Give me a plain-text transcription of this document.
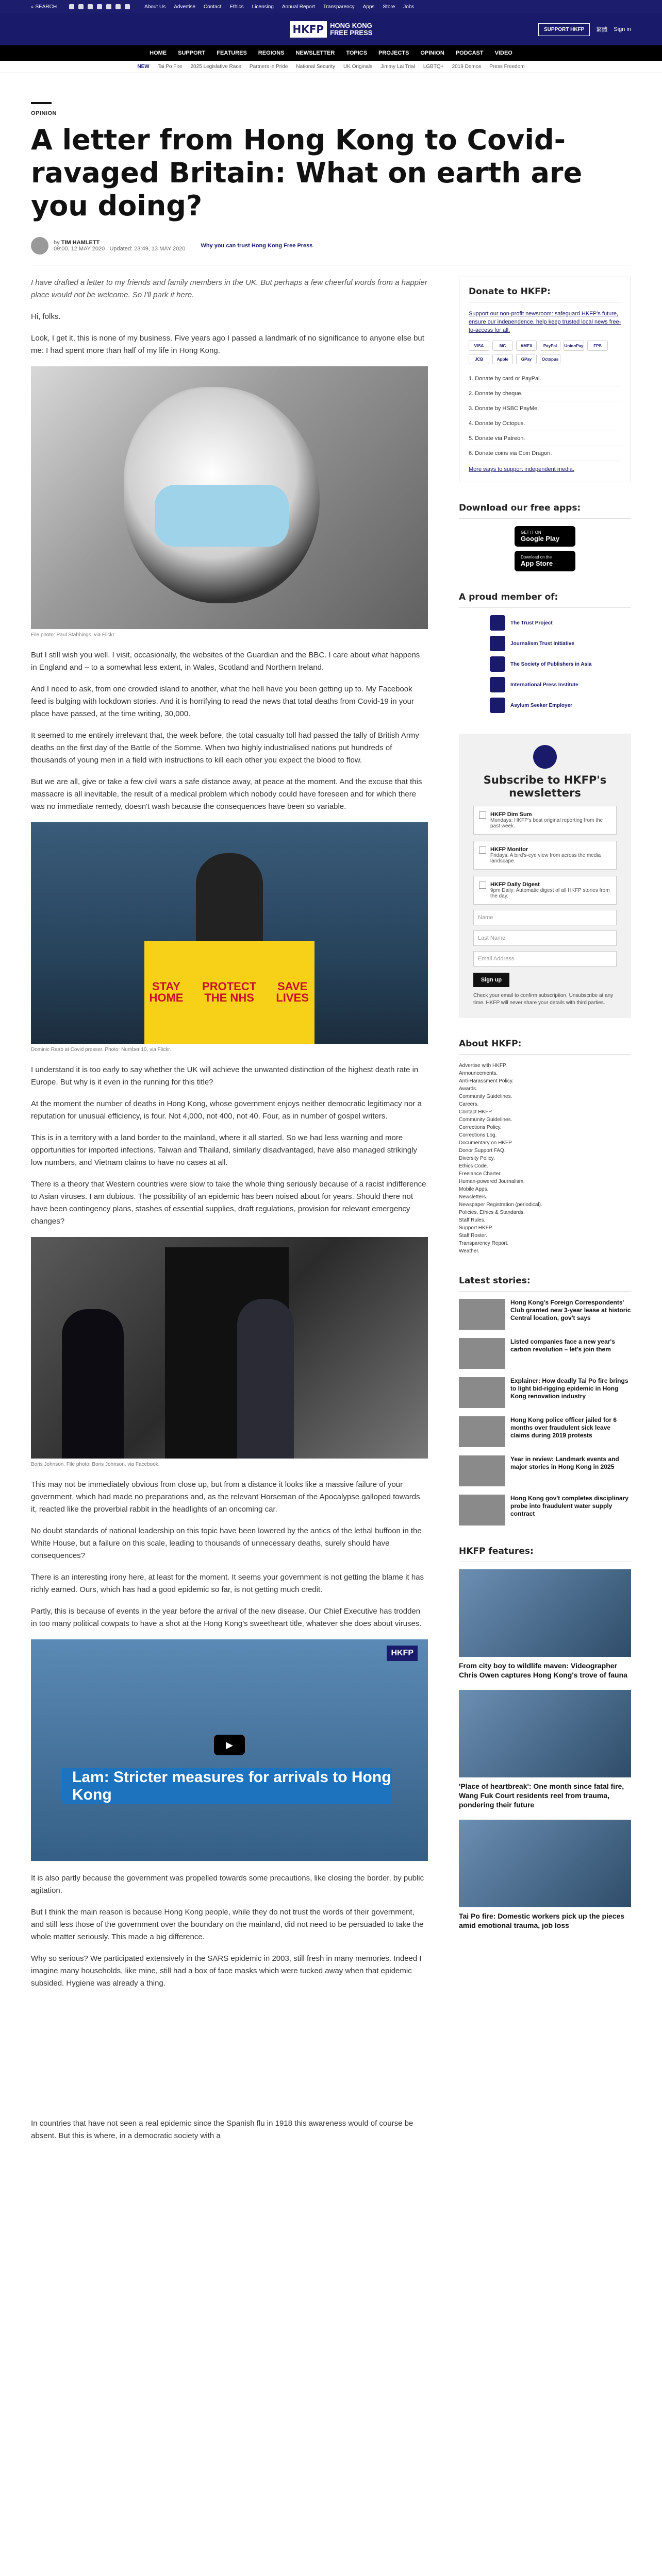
⌕ SEARCH	About Us Advertise Contact Ethics Licensing Annual Report Transparency Apps Store Jobs
HKFP HONG KONG
FREE PRESS	SUPPORT HKFP	繁體 Sign in
HOME SUPPORT FEATURES REGIONS NEWSLETTER TOPICS PROJECTS OPINION PODCAST VIDEO
NEW Tai Po Fire 2025 Legislative Race Partners in Pride National Security UK Originals Jimmy Lai Trial LGBTQ+ 2019 Demos Press Freedom
OPINION
A letter from Hong Kong to Covid-ravaged Britain: What on earth are you doing?
by TIM HAMLETT
09:00, 12 MAY 2020 Updated: 23:49, 13 MAY 2020	Why you can trust Hong Kong Free Press

I have drafted a letter to my friends and family members in the UK. But perhaps a few cheerful words from a happier place would not be welcome. So I'll park it here.

Hi, folks.

Look, I get it, this is none of my business. Five years ago I passed a landmark of no significance to anyone else but me: I had spent more than half of my life in Hong Kong.

File photo: Paul Stabbings, via Flickr.

But I still wish you well. I visit, occasionally, the websites of the Guardian and the BBC. I care about what happens in England and – to a somewhat less extent, in Wales, Scotland and Northern Ireland.

And I need to ask, from one crowded island to another, what the hell have you been getting up to. My Facebook feed is bulging with lockdown stories. And it is horrifying to read the news that total deaths from Covid-19 in your place have passed, at the time writing, 30,000.

It seemed to me entirely irrelevant that, the week before, the total casualty toll had passed the tally of British Army deaths on the first day of the Battle of the Somme. When two highly industrialised nations put hundreds of thousands of young men in a field with instructions to kill each other you expect the blood to flow.

But we are all, give or take a few civil wars a safe distance away, at peace at the moment. And the excuse that this massacre is all inevitable, the result of a medical problem which nobody could have foreseen and for which there was no immediate remedy, doesn't wash because the consequences have been so variable.

STAY HOME
PROTECT THE NHS
SAVE LIVES
Dominic Raab at Covid presser. Photo: Number 10, via Flickr.

I understand it is too early to say whether the UK will achieve the unwanted distinction of the highest death rate in Europe. But why is it even in the running for this title?

At the moment the number of deaths in Hong Kong, whose government enjoys neither democratic legitimacy nor a reputation for unusual efficiency, is four. Not 4,000, not 400, not 40. Four, as in number of gospel writers.

This is in a territory with a land border to the mainland, where it all started. So we had less warning and more opportunities for imported infections. Taiwan and Thailand, similarly disadvantaged, have also managed strikingly low numbers, and Vietnam claims to have no cases at all.

There is a theory that Western countries were slow to take the whole thing seriously because of a racist indifference to Asian viruses. I am dubious. The possibility of an epidemic has been noised about for years. Should there not have been contingency plans, stashes of essential supplies, draft regulations, provision for relevant emergency changes?

Boris Johnson. File photo: Boris Johnson, via Facebook.

This may not be immediately obvious from close up, but from a distance it looks like a massive failure of your government, which had made no preparations and, as the relevant Horseman of the Apocalypse galloped towards it, reacted like the proverbial rabbit in the headlights of an oncoming car.

No doubt standards of national leadership on this topic have been lowered by the antics of the lethal buffoon in the White House, but a failure on this scale, leading to thousands of unnecessary deaths, surely should have consequences?

There is an interesting irony here, at least for the moment. It seems your government is not getting the blame it has richly earned. Ours, which has had a good epidemic so far, is not getting much credit.

Partly, this is because of events in the year before the arrival of the new disease. Our Chief Executive has trodden in too many political cowpats to have a shot at the Hong Kong's sweetheart title, whatever she does about viruses.

HKFP
▶
Lam: Stricter measures for arrivals to Hong Kong

It is also partly because the government was propelled towards some precautions, like closing the border, by public agitation.

But I think the main reason is because Hong Kong people, while they do not trust the words of their government, and still less those of the government over the boundary on the mainland, did not need to be persuaded to take the whole matter seriously. This made a big difference.

Why so serious? We participated extensively in the SARS epidemic in 2003, still fresh in many memories. Indeed I imagine many households, like mine, still had a box of face masks which were tucked away when that epidemic subsided. Hygiene was already a thing.

In countries that have not seen a real epidemic since the Spanish flu in 1918 this awareness would of course be absent. But this is where, in a democratic society with a

Donate to HKFP:

Support our non-profit newsroom: safeguard HKFP's future, ensure our independence, help keep trusted local news free-to-access for all.

VISA	MC	AMEX	PayPal	UnionPay	FPS
JCB	Apple	GPay	Octopus
1. Donate by card or PayPal.
2. Donate by cheque.
3. Donate by HSBC PayMe.
4. Donate by Octopus.
5. Donate via Patreon.
6. Donate coins via Coin Dragon.
More ways to support independent media.
Download our free apps:
GET IT ON
Google Play
Download on the
App Store
A proud member of:
The Trust Project
Journalism Trust Initiative
The Society of Publishers in Asia
International Press Institute
Asylum Seeker Employer
Subscribe to HKFP's newsletters
HKFP Dim Sum
Mondays: HKFP's best original reporting from the past week.
HKFP Monitor
Fridays: A bird's-eye view from across the media landscape.
HKFP Daily Digest
9pm Daily: Automatic digest of all HKFP stories from the day.
Name
Last Name
Email Address
Sign up
Check your email to confirm subscription. Unsubscribe at any time. HKFP will never share your details with third parties.
About HKFP:
Advertise with HKFP.
Announcements.
Anti-Harassment Policy.
Awards.
Community Guidelines.
Careers.
Contact HKFP.
Community Guidelines.
Corrections Policy.
Corrections Log.
Documentary on HKFP.
Donor Support FAQ.
Diversity Policy.
Ethics Code.
Freelance Charter.
Human-powered Journalism.
Mobile Apps.
Newsletters.
Newspaper Registration (periodical).
Policies, Ethics & Standards.
Staff Rules.
Support HKFP.
Staff Roster.
Transparency Report.
Weather.
Latest stories:
Hong Kong's Foreign Correspondents' Club granted new 3-year lease at historic Central location, gov't says
Listed companies face a new year's carbon revolution – let's join them
Explainer: How deadly Tai Po fire brings to light bid-rigging epidemic in Hong Kong renovation industry
Hong Kong police officer jailed for 6 months over fraudulent sick leave claims during 2019 protests
Year in review: Landmark events and major stories in Hong Kong in 2025
Hong Kong gov't completes disciplinary probe into fraudulent water supply contract
HKFP features:
From city boy to wildlife maven: Videographer Chris Owen captures Hong Kong's trove of fauna
'Place of heartbreak': One month since fatal fire, Wang Fuk Court residents reel from trauma, pondering their future
Tai Po fire: Domestic workers pick up the pieces amid emotional trauma, job loss
